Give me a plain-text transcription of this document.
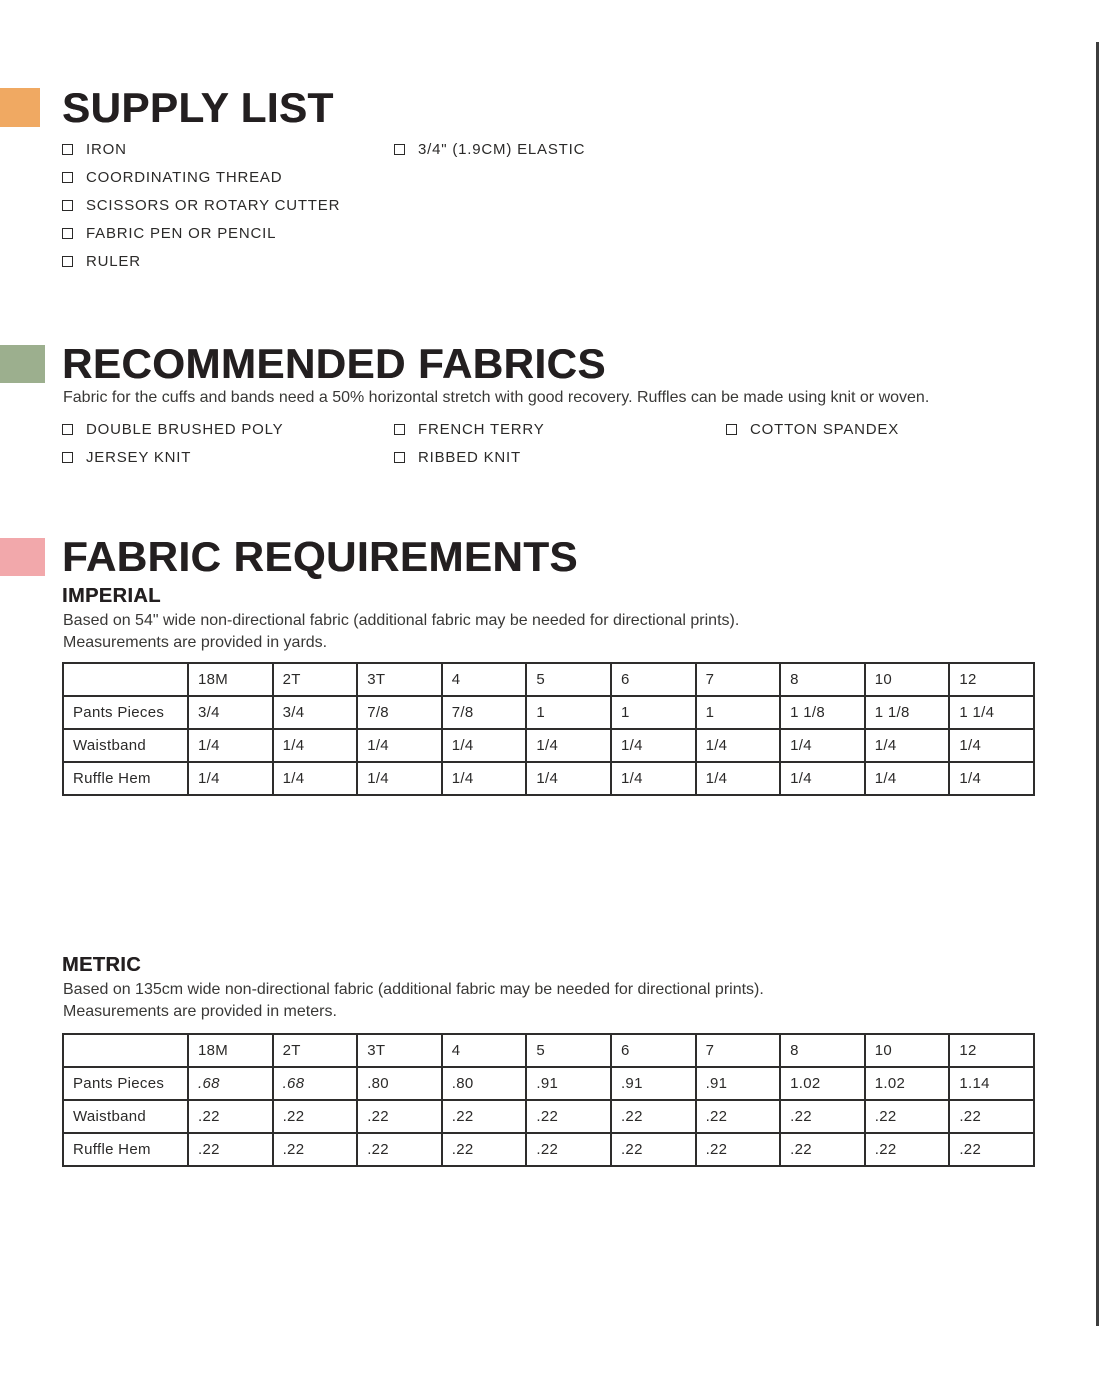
SUPPLY LIST
IRON
COORDINATING THREAD
SCISSORS OR ROTARY CUTTER
FABRIC PEN OR PENCIL
RULER
3/4" (1.9CM) ELASTIC
RECOMMENDED FABRICS

Fabric for the cuffs and bands need a 50% horizontal stretch with good recovery. Ruffles can be made using knit or woven.

DOUBLE BRUSHED POLY
JERSEY KNIT
FRENCH TERRY
RIBBED KNIT
COTTON SPANDEX
FABRIC REQUIREMENTS
IMPERIAL

Based on 54" wide non-directional fabric (additional fabric may be needed for directional prints).
Measurements are provided in yards.

	18M	2T	3T	4	5	6	7	8	10	12
Pants Pieces	3/4	3/4	7/8	7/8	1	1	1	1 1/8	1 1/8	1 1/4
Waistband	1/4	1/4	1/4	1/4	1/4	1/4	1/4	1/4	1/4	1/4
Ruffle Hem	1/4	1/4	1/4	1/4	1/4	1/4	1/4	1/4	1/4	1/4
METRIC

Based on 135cm wide non-directional fabric (additional fabric may be needed for directional prints).
Measurements are provided in meters.

	18M	2T	3T	4	5	6	7	8	10	12
Pants Pieces	.68	.68	.80	.80	.91	.91	.91	1.02	1.02	1.14
Waistband	.22	.22	.22	.22	.22	.22	.22	.22	.22	.22
Ruffle Hem	.22	.22	.22	.22	.22	.22	.22	.22	.22	.22
